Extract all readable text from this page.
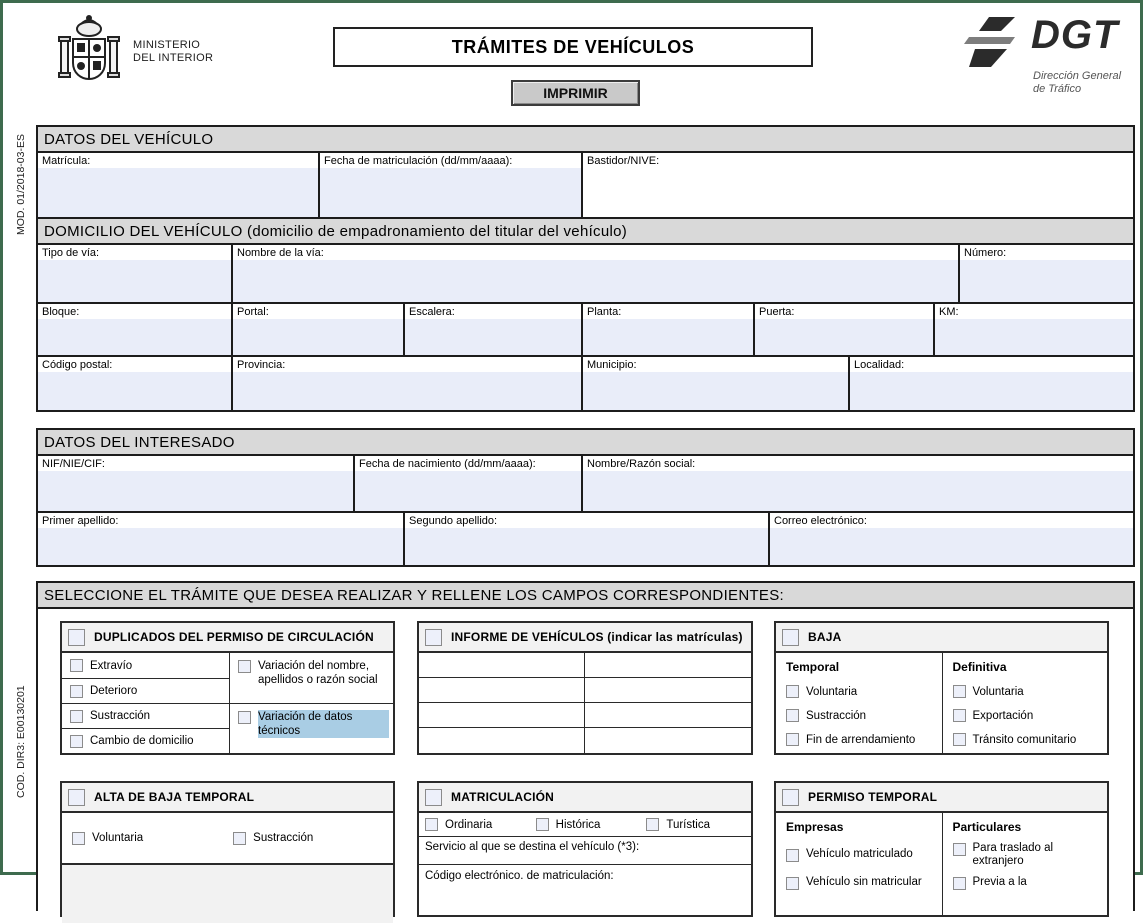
MINISTERIO
DEL INTERIOR
TRÁMITES DE VEHÍCULOS
IMPRIMIR
DGT
Dirección General
de Tráfico
MOD. 01/2018-03-ES
COD. DIR3: E00130201
DATOS DEL VEHÍCULO
Matrícula:	Fecha de matriculación (dd/mm/aaaa):	Bastidor/NIVE:
DOMICILIO DEL VEHÍCULO (domicilio de empadronamiento del titular del vehículo)
Tipo de vía:	Nombre de la vía:	Número:
Bloque:	Portal:	Escalera:	Planta:	Puerta:	KM:
Código postal:	Provincia:	Municipio:	Localidad:
DATOS DEL INTERESADO
NIF/NIE/CIF:	Fecha de nacimiento (dd/mm/aaaa):	Nombre/Razón social:
Primer apellido:	Segundo apellido:	Correo electrónico:
SELECCIONE EL TRÁMITE QUE DESEA REALIZAR Y RELLENE LOS CAMPOS CORRESPONDIENTES:
DUPLICADOS DEL PERMISO DE CIRCULACIÓN
Extravío
Deterioro
Sustracción
Cambio de domicilio
Variación del nombre, apellidos o razón social
Variación de datos técnicos
INFORME DE VEHÍCULOS (indicar las matrículas)	BAJA
Temporal
Voluntaria
Sustracción
Fin de arrendamiento
Definitiva
Voluntaria
Exportación
Tránsito comunitario
ALTA DE BAJA TEMPORAL
Voluntaria	Sustracción
MATRICULACIÓN
Ordinaria	Histórica	Turística
Servicio al que se destina el vehículo (*3):
Código electrónico. de matriculación:
PERMISO TEMPORAL
Empresas
Vehículo matriculado
Vehículo sin matricular
Particulares
Para traslado al extranjero
Previa a la
